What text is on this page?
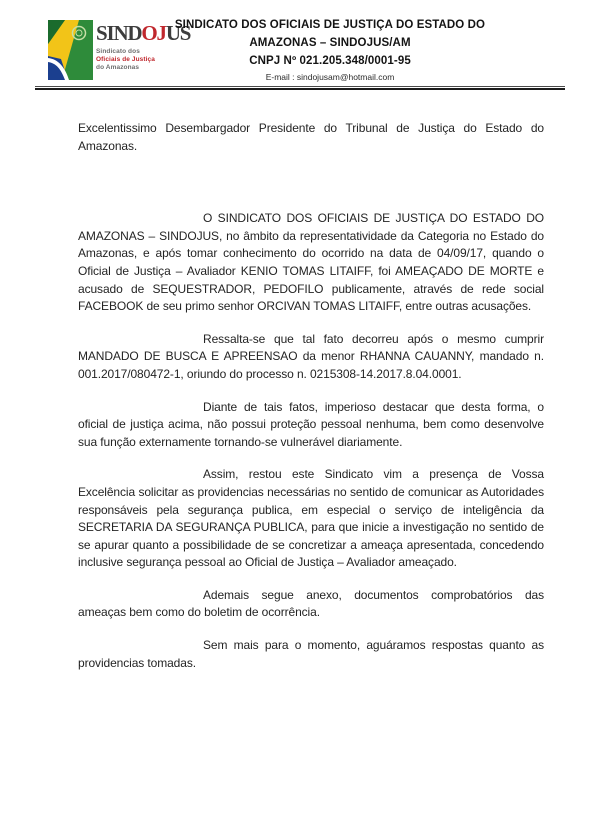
SINDOJUS
Sindicato dos
Oficiais de Justiça
do Amazonas
SINDICATO DOS OFICIAIS DE JUSTIÇA DO ESTADO DO
AMAZONAS – SINDOJUS/AM
CNPJ Nº 021.205.348/0001-95
E-mail : sindojusam@hotmail.com

Excelentissimo Desembargador Presidente do Tribunal de Justiça do Estado do Amazonas.

O SINDICATO DOS OFICIAIS DE JUSTIÇA DO ESTADO DO AMAZONAS – SINDOJUS, no âmbito da representatividade da Categoria no Estado do Amazonas, e após tomar conhecimento do ocorrido na data de 04/09/17, quando o Oficial de Justiça – Avaliador KENIO TOMAS LITAIFF, foi AMEAÇADO DE MORTE e acusado de SEQUESTRADOR, PEDOFILO publicamente, através de rede social FACEBOOK de seu primo senhor ORCIVAN TOMAS LITAIFF, entre outras acusações.

Ressalta-se que tal fato decorreu após o mesmo cumprir MANDADO DE BUSCA E APREENSAO da menor RHANNA CAUANNY, mandado n. 001.2017/080472-1, oriundo do processo n. 0215308-14.2017.8.04.0001.

Diante de tais fatos, imperioso destacar que desta forma, o oficial de justiça acima, não possui proteção pessoal nenhuma, bem como desenvolve sua função externamente tornando-se vulnerável diariamente.

Assim, restou este Sindicato vim a presença de Vossa Excelência solicitar as providencias necessárias no sentido de comunicar as Autoridades responsáveis pela segurança publica, em especial o serviço de inteligência da SECRETARIA DA SEGURANÇA PUBLICA, para que inicie a investigação no sentido de se apurar quanto a possibilidade de se concretizar a ameaça apresentada, concedendo inclusive segurança pessoal ao Oficial de Justiça – Avaliador ameaçado.

Ademais segue anexo, documentos comprobatórios das ameaças bem como do boletim de ocorrência.

Sem mais para o momento, aguáramos respostas quanto as providencias tomadas.
